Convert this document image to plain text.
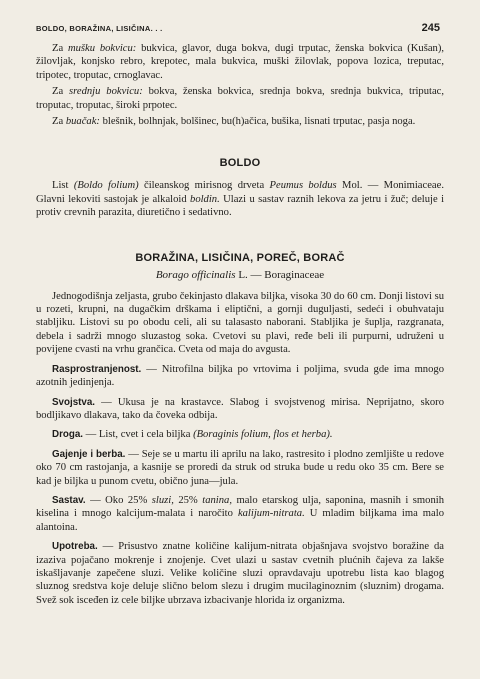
BOLDO, BORAŽINA, LISIČINA. . .	245

Za mušku bokvicu: bukvica, glavor, duga bokva, dugi trputac, ženska bokvica (Kušan), žilovljak, konjsko rebro, krepotec, mala bukvica, muški žilovlak, popova lozica, treputac, tripotec, troputac, crnoglavac.

Za srednju bokvicu: bokva, ženska bokvica, srednja bokva, srednja bukvica, triputac, troputac, troputac, široki prpotec.

Za buačak: blešnik, bolhnjak, bolšinec, bu(h)ačica, bušika, lisnati trputac, pasja noga.

BOLDO

List (Boldo folium) čileanskog mirisnog drveta Peumus boldus Mol. — Monimiaceae. Glavni lekoviti sastojak je alkaloid boldin. Ulazi u sastav raznih lekova za jetru i žuč; deluje i protiv crevnih parazita, diuretično i sedativno.

BORAŽINA, LISIČINA, POREČ, BORAČ
Borago officinalis L. — Boraginaceae

Jednogodišnja zeljasta, grubo čekinjasto dlakava biljka, visoka 30 do 60 cm. Donji listovi su u rozeti, krupni, na dugačkim drškama i eliptični, a gornji duguljasti, sedeći i obuhvataju stabljiku. Listovi su po obodu celi, ali su talasasto naborani. Stabljika je šupljа, razgranata, debela i sadrži mnogo sluzastog soka. Cvetovi su plavi, ređe beli ili purpurni, udruženi u povijene cvasti na vrhu grančica. Cveta od maja do avgusta.

Rasprostranjenost. — Nitrofilna biljka po vrtovima i poljima, svuda gde ima mnogo azotnih jedinjenja.

Svojstva. — Ukusa je na krastavce. Slabog i svojstvenog mirisa. Neprijatno, skoro bodljikavo dlakava, tako da čoveka odbija.

Droga. — List, cvet i cela biljka (Boraginis folium, flos et herba).

Gajenje i berba. — Seje se u martu ili aprilu na lako, rastresito i plodno zemljište u redove oko 70 cm rastojanja, a kasnije se proredi da struk od struka bude u redu oko 35 cm. Bere se kad je biljka u punom cvetu, obično juna—jula.

Sastav. — Oko 25% sluzi, 25% tanina, malo etarskog ulja, saponina, masnih i smonih kiselina i mnogo kalcijum-malata i naročito kalijum-nitrata. U mladim biljkama ima malo alantoina.

Upotreba. — Prisustvo znatne količine kalijum-nitrata objašnjava svojstvo boražine da izaziva pojačano mokrenje i znojenje. Cvet ulazi u sastav cvetnih plućnih čajeva za lakše iskašljavanje zapečene sluzi. Velike količine sluzi opravdavaju upotrebu lista kao blagog sluznog sredstva koje deluje slično belom slezu i drugim mucilaginoznim (sluznim) drogama. Svež sok isceđen iz cele biljke ubrzava izbacivanje hlorida iz organizma.
